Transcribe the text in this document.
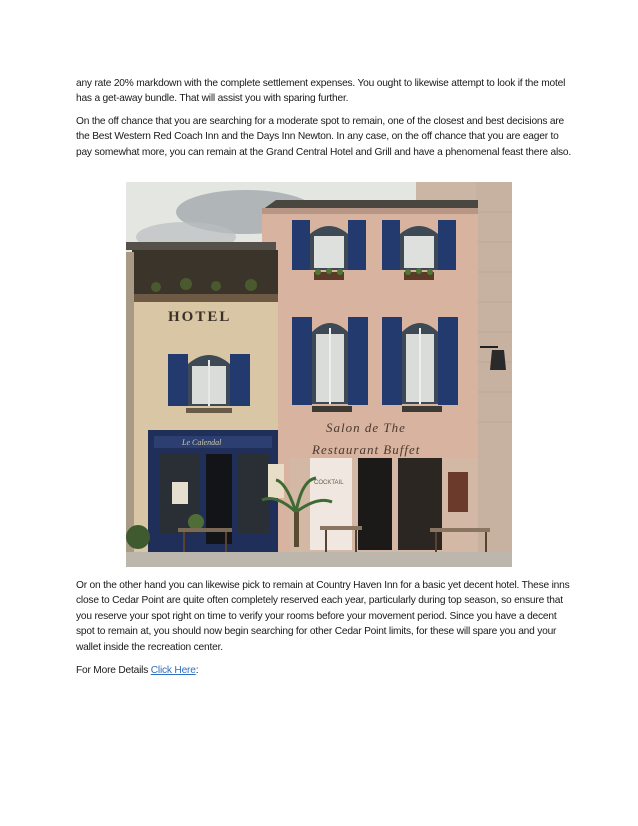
any rate 20% markdown with the complete settlement expenses. You ought to likewise attempt to look if the motel has a get-away bundle. That will assist you with sparing further.

On the off chance that you are searching for a moderate spot to remain, one of the closest and best decisions are the Best Western Red Coach Inn and the Days Inn Newton. In any case, on the off chance that you are eager to pay somewhat more, you can remain at the Grand Central Hotel and Grill and have a phenomenal feast there also.

HOTEL
Salon de The
Restaurant Buffet
Le Calendal
COCKTAIL

Or on the other hand you can likewise pick to remain at Country Haven Inn for a basic yet decent hotel. These inns close to Cedar Point are quite often completely reserved each year, particularly during top season, so ensure that you reserve your spot right on time to verify your rooms before your movement period. Since you have a decent spot to remain at, you should now begin searching for other Cedar Point limits, for these will spare you and your wallet inside the recreation center.

For More Details Click Here:
